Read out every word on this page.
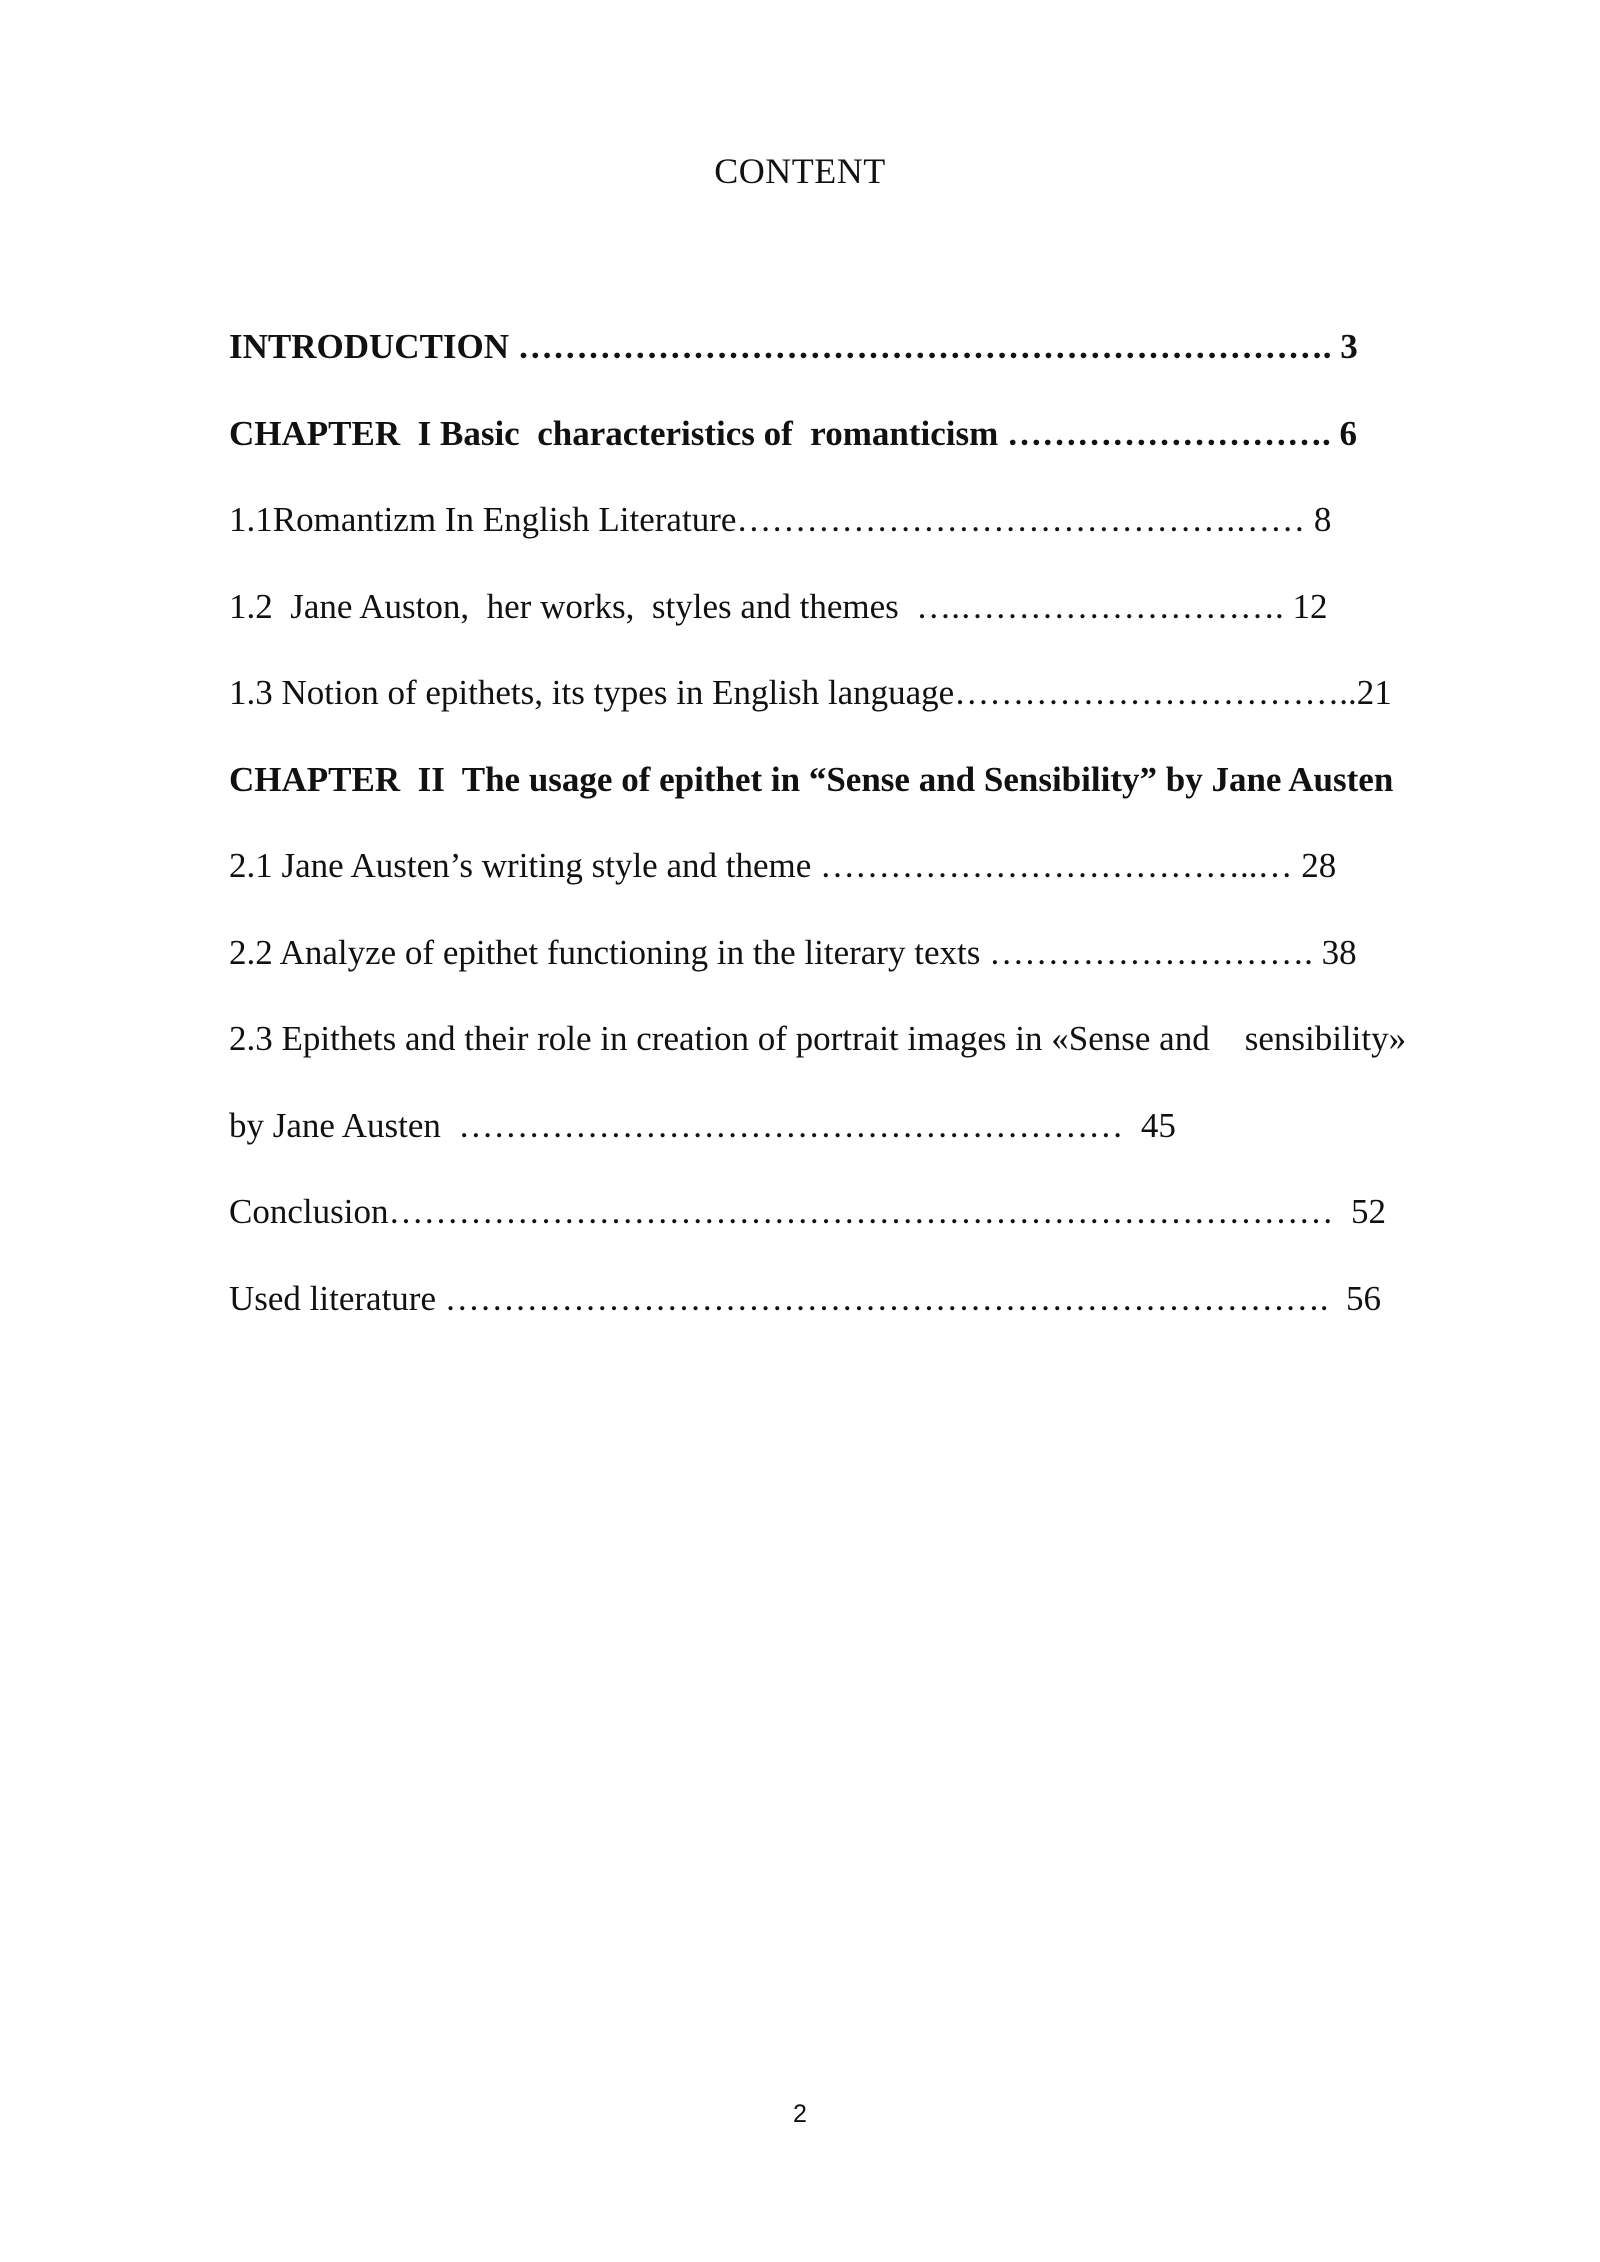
CONTENT
INTRODUCTION ……………………………………………………………. 3
CHAPTER  I Basic  characteristics of  romanticism ………………………. 6
1.1Romantizm In English Literature…………………………………….…… 8
1.2  Jane Auston,  her works,  styles and themes  ….………………………. 12
1.3 Notion of epithets, its types in English language……………………………..21
CHAPTER  II  The usage of epithet in “Sense and Sensibility” by Jane Austen
2.1 Jane Austen’s writing style and theme ………………………………..… 28
2.2 Analyze of epithet functioning in the literary texts ………………………. 38
2.3 Epithets and their role in creation of portrait images in «Sense and    sensibility»
by Jane Austen  …………………………………………………  45
Conclusion………………………………………………………………………  52
Used literature ………………………………………………………………….  56
2
